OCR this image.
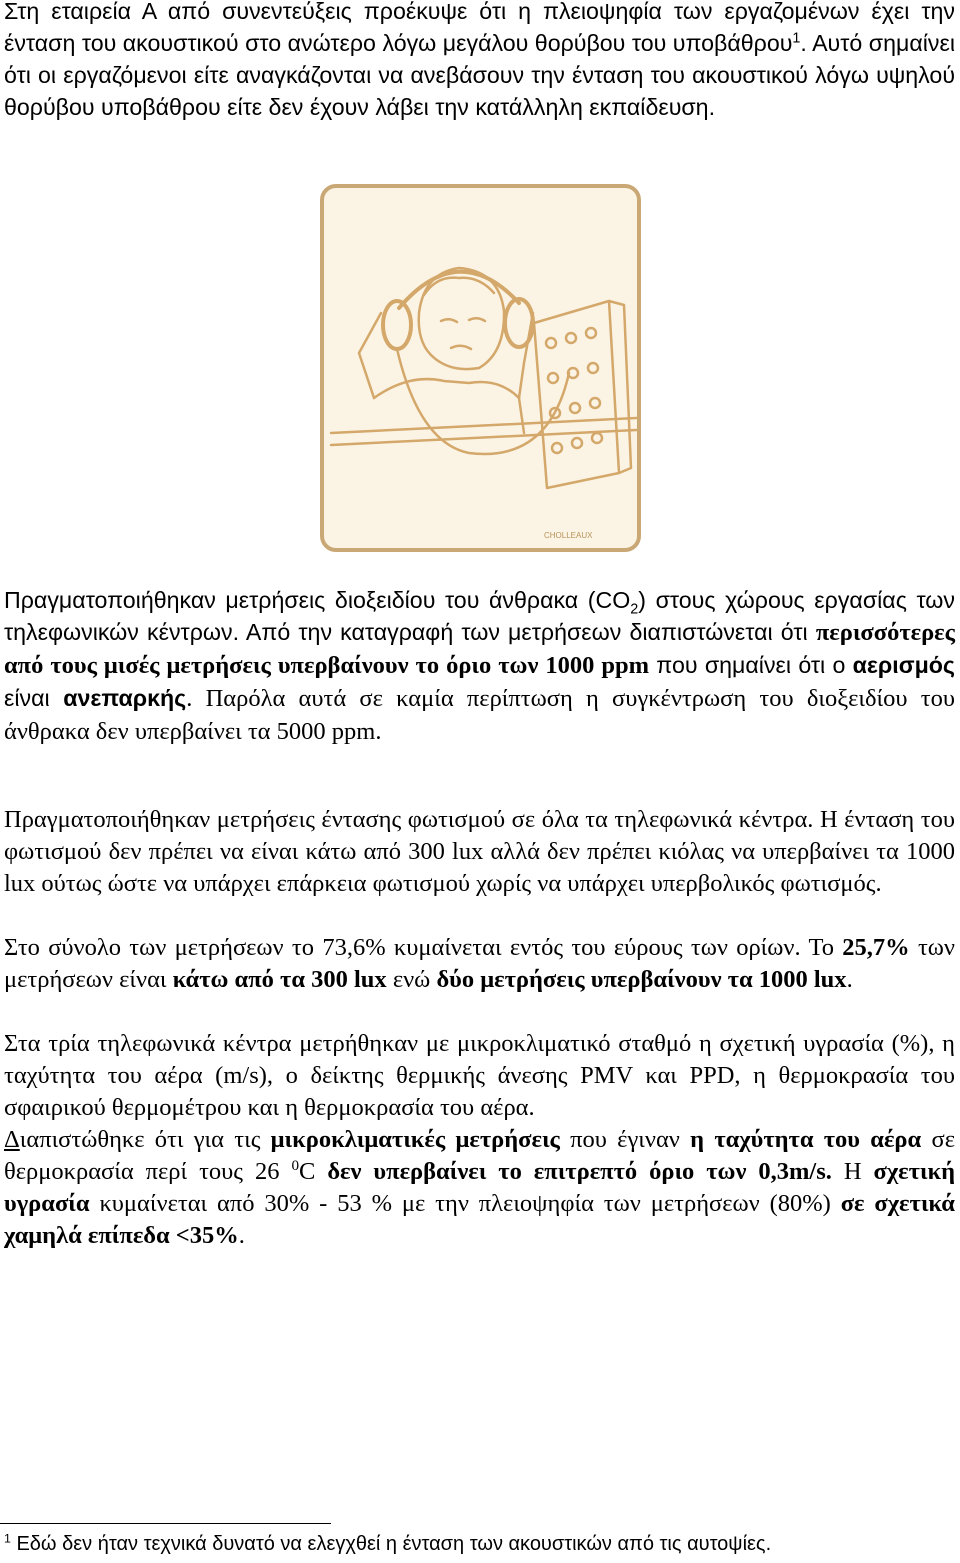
Στη εταιρεία Α από συνεντεύξεις προέκυψε ότι η πλειοψηφία των εργαζομένων έχει την ένταση του ακουστικού στο ανώτερο λόγω μεγάλου θορύβου του υποβάθρου$^1$. Αυτό σημαίνει ότι οι εργαζόμενοι είτε αναγκάζονται να ανεβάσουν την ένταση του ακουστικού λόγω υψηλού θορύβου υποβάθρου είτε δεν έχουν λάβει την κατάλληλη εκπαίδευση.

CHOLLEAUX

Πραγματοποιήθηκαν μετρήσεις διοξειδίου του άνθρακα $(CO_2)$ στους χώρους εργασίας των τηλεφωνικών κέντρων. Από την καταγραφή των μετρήσεων διαπιστώνεται ότι περισσότερες από τους μισές μετρήσεις υπερβαίνουν το όριο των 1000 ppm που σημαίνει ότι ο αερισμός είναι ανεπαρκής. Παρόλα αυτά σε καμία περίπτωση η συγκέντρωση του διοξειδίου του άνθρακα δεν υπερβαίνει τα 5000 ppm.

Πραγματοποιήθηκαν μετρήσεις έντασης φωτισμού σε όλα τα τηλεφωνικά κέντρα. Η ένταση του φωτισμού δεν πρέπει να είναι κάτω από 300 lux αλλά δεν πρέπει κιόλας να υπερβαίνει τα 1000 lux ούτως ώστε να υπάρχει επάρκεια φωτισμού χωρίς να υπάρχει υπερβολικός φωτισμός.

Στο σύνολο των μετρήσεων το 73,6% κυμαίνεται εντός του εύρους των ορίων. Το 25,7% των μετρήσεων είναι κάτω από τα 300 lux ενώ δύο μετρήσεις υπερβαίνουν τα 1000 lux.

Στα τρία τηλεφωνικά κέντρα μετρήθηκαν με μικροκλιματικό σταθμό η σχετική υγρασία (%), η ταχύτητα του αέρα (m/s), ο δείκτης θερμικής άνεσης PMV και PPD, η θερμοκρασία του σφαιρικού θερμομέτρου και η θερμοκρασία του αέρα.

Διαπιστώθηκε ότι για τις μικροκλιματικές μετρήσεις που έγιναν η ταχύτητα του αέρα σε θερμοκρασία περί τους 26 $^0$C δεν υπερβαίνει το επιτρεπτό όριο των 0,3m/s. Η σχετική υγρασία κυμαίνεται από 30% - 53 % με την πλειοψηφία των μετρήσεων (80%) σε σχετικά χαμηλά επίπεδα <35%.

$^1$ Εδώ δεν ήταν τεχνικά δυνατό να ελεγχθεί η ένταση των ακουστικών από τις αυτοψίες.
